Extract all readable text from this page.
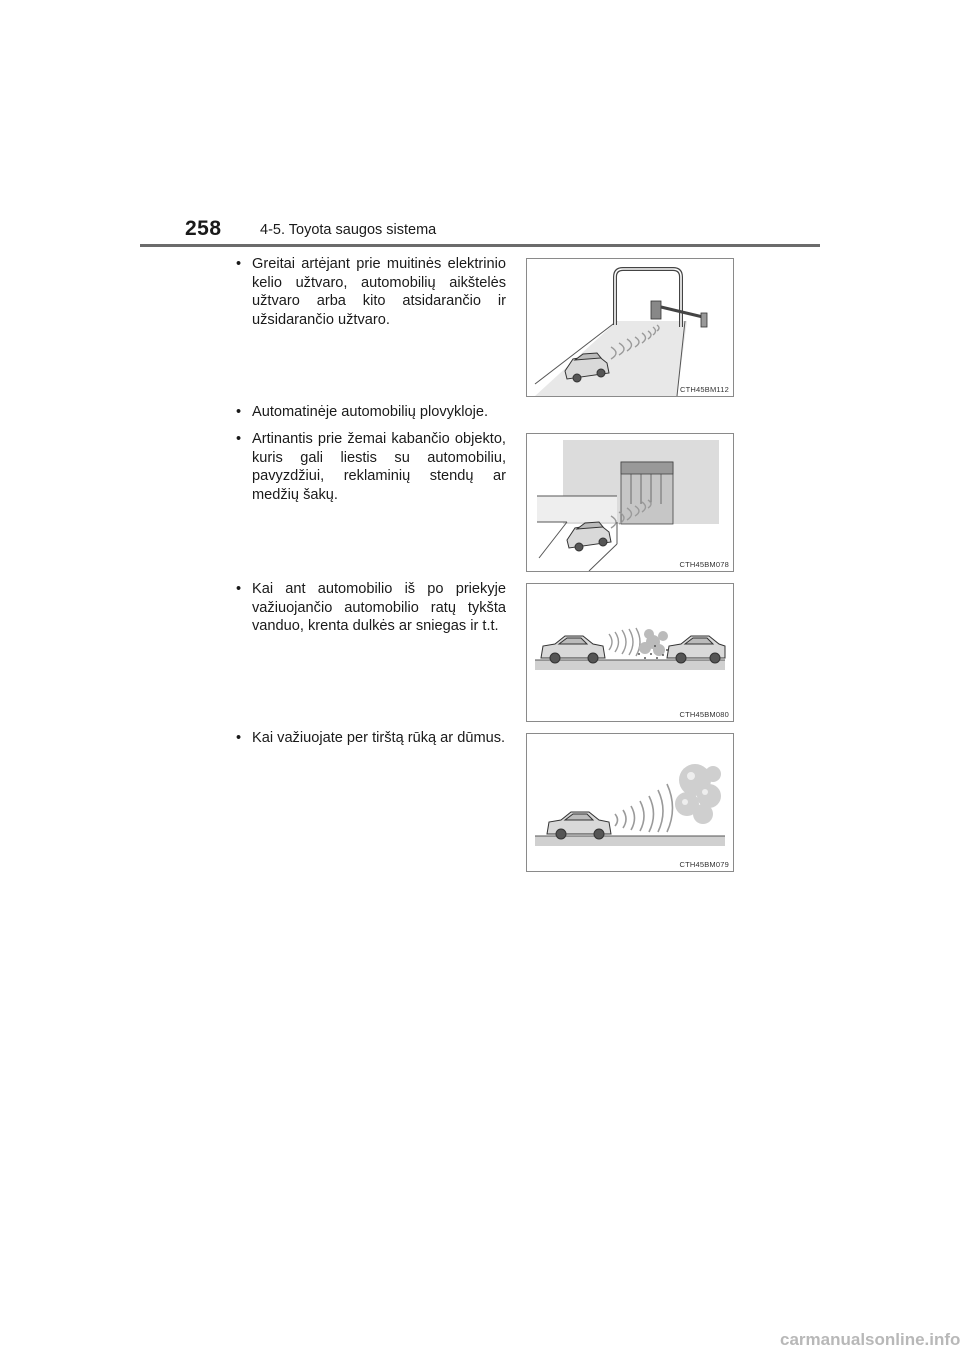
258	4-5. Toyota saugos sistema
• Greitai artėjant prie muitinės elektrinio kelio užtvaro, automobilių aikštelės užtvaro arba kito atsidarančio ir užsidarančio užtvaro.
• Automatinėje automobilių plovykloje.
• Artinantis prie žemai kabančio objekto, kuris gali liestis su automobiliu, pavyzdžiui, reklaminių stendų ar medžių šakų.
• Kai ant automobilio iš po priekyje važiuojančio automobilio ratų tykšta vanduo, krenta dulkės ar sniegas ir t.t.
• Kai važiuojate per tirštą rūką ar dūmus.
CTH45BM112
CTH45BM078
CTH45BM080
CTH45BM079
carmanualsonline.info
